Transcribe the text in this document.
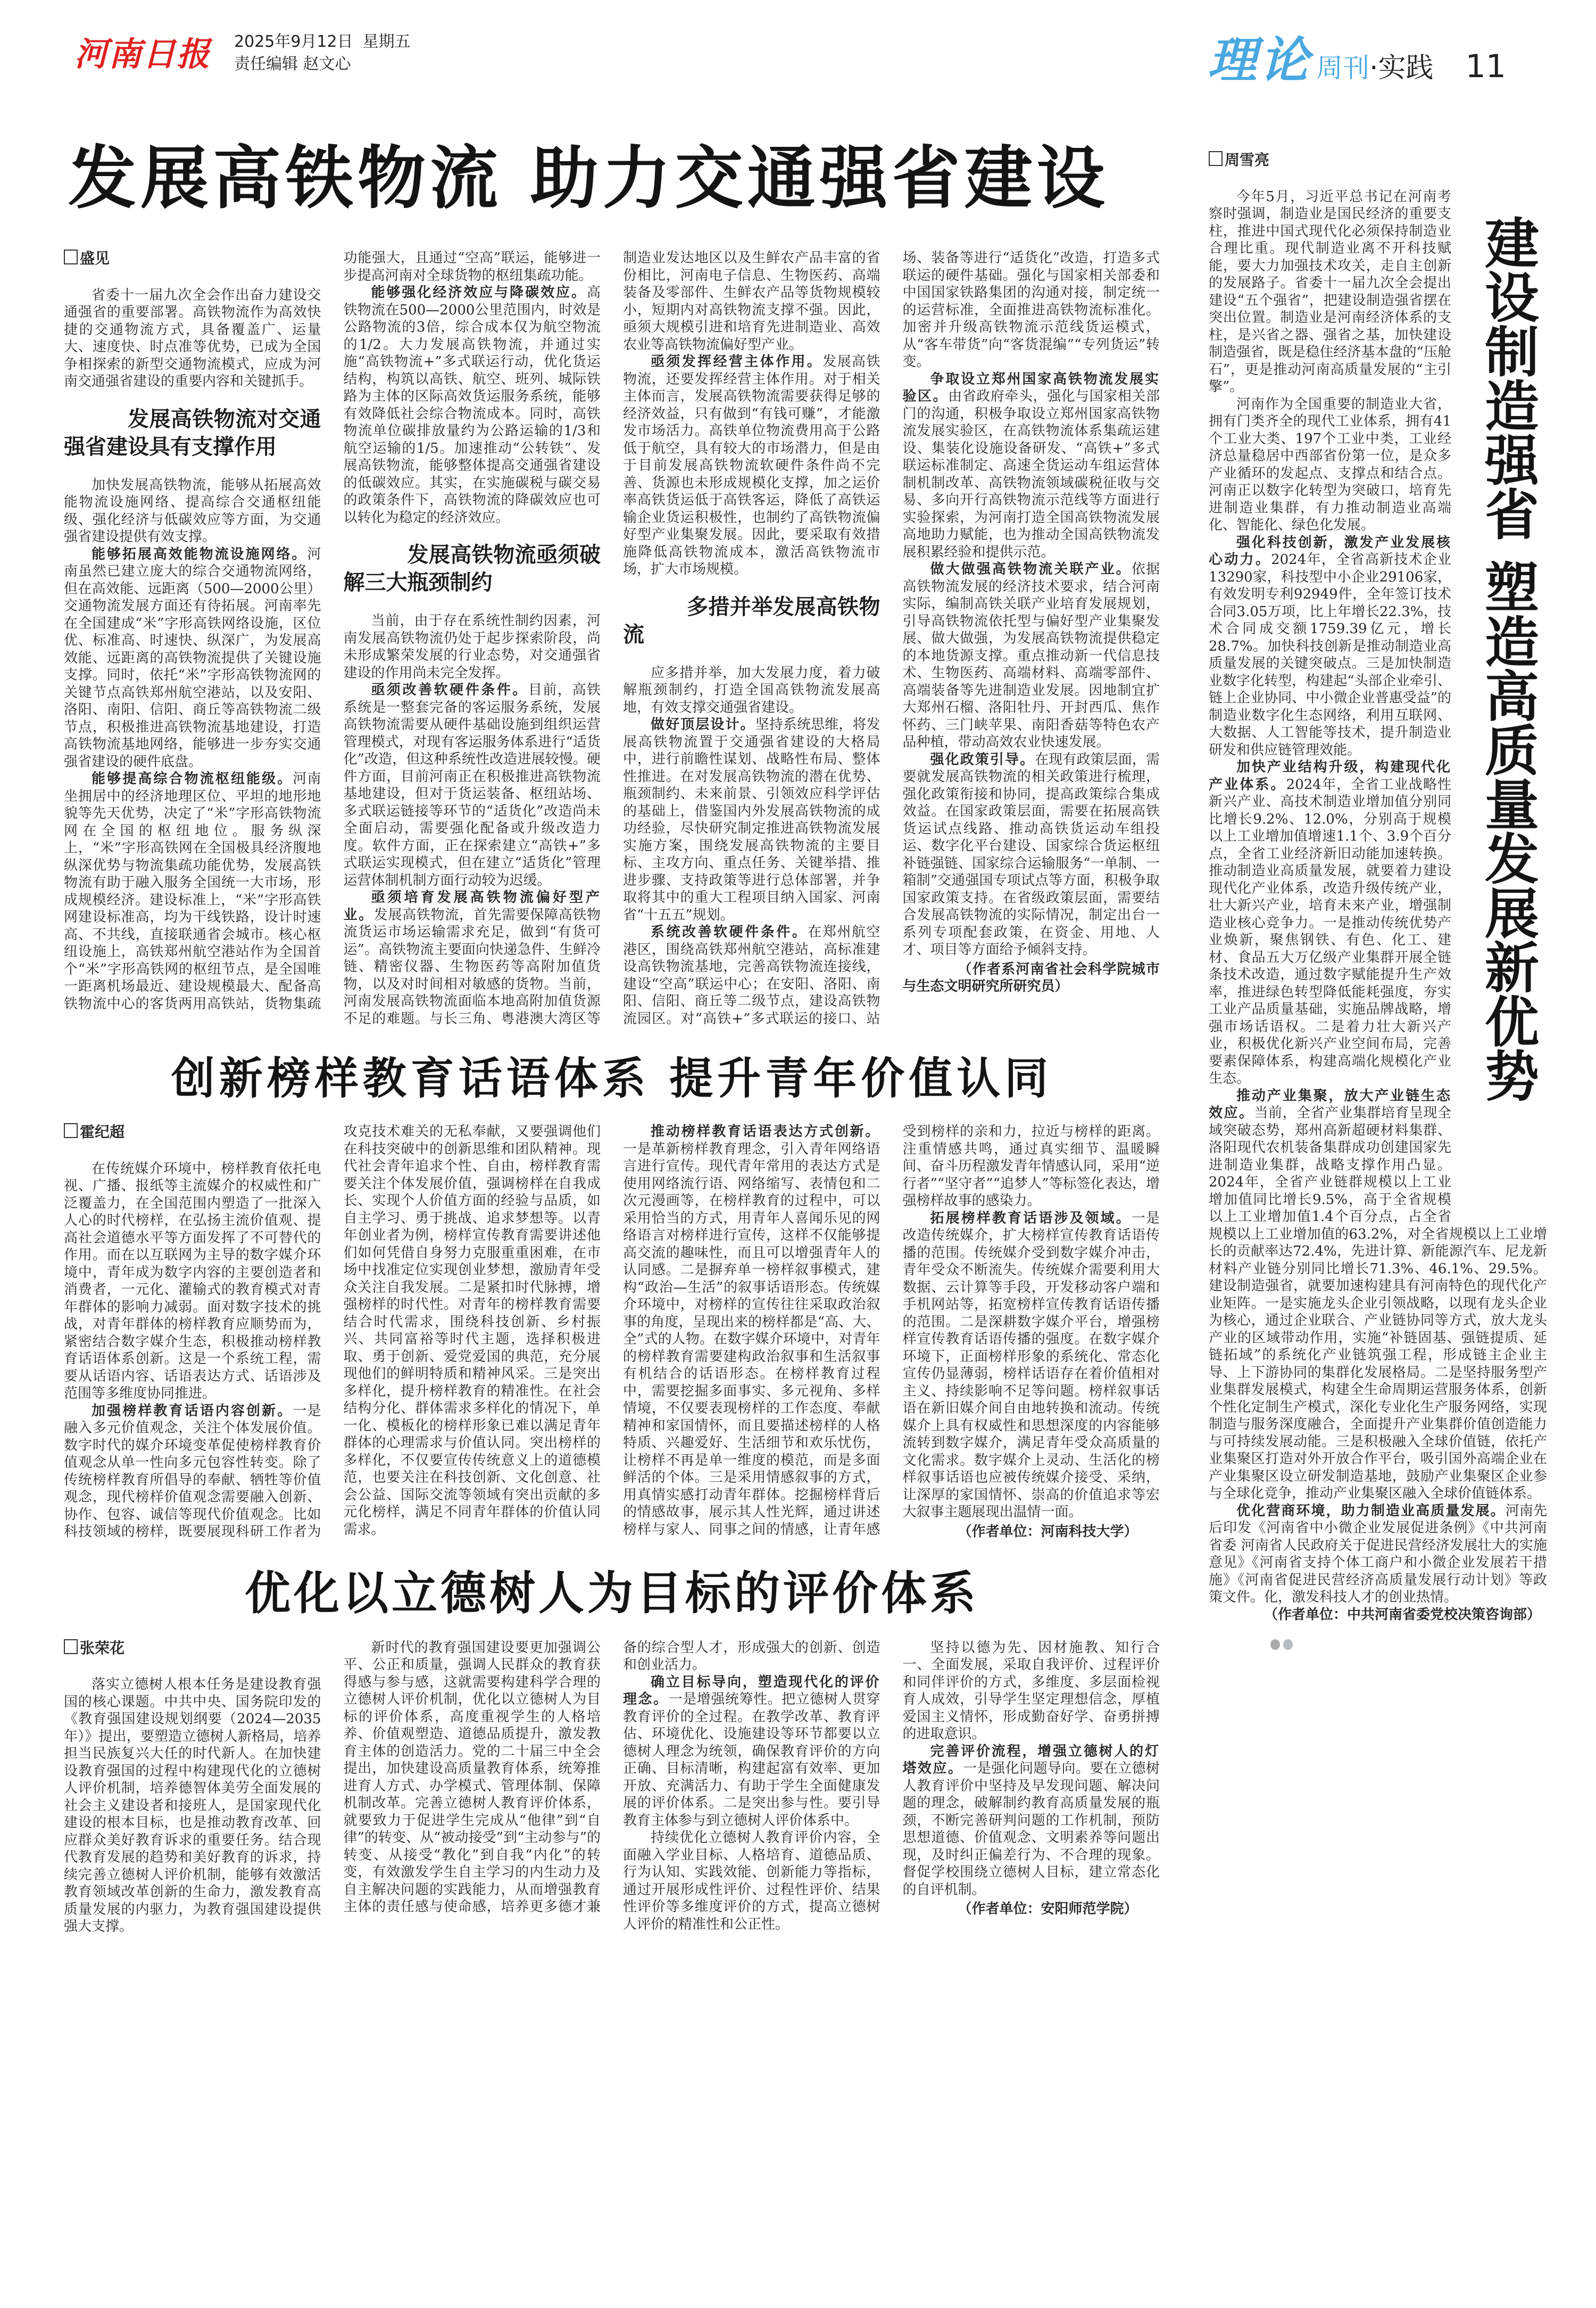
河南日报 2025年9月12日 星期五
责任编辑 赵文心	理论 周刊 ·实践 11
发展高铁物流 助力交通强省建设
盛见

省委十一届九次全会作出奋力建设交通强省的重要部署。高铁物流作为高效快捷的交通物流方式，具备覆盖广、运量大、速度快、时点准等优势，已成为全国争相探索的新型交通物流模式，应成为河南交通强省建设的重要内容和关键抓手。

发展高铁物流对交通强省建设具有支撑作用

加快发展高铁物流，能够从拓展高效能物流设施网络、提高综合交通枢纽能级、强化经济与低碳效应等方面，为交通强省建设提供有效支撑。

能够拓展高效能物流设施网络。河南虽然已建立庞大的综合交通物流网络，但在高效能、远距离（500—2000公里）交通物流发展方面还有待拓展。河南率先在全国建成“米”字形高铁网络设施，区位优、标准高、时速快、纵深广，为发展高效能、远距离的高铁物流提供了关键设施支撑。同时，依托“米”字形高铁物流网的关键节点高铁郑州航空港站，以及安阳、洛阳、南阳、信阳、商丘等高铁物流二级节点，积极推进高铁物流基地建设，打造高铁物流基地网络，能够进一步夯实交通强省建设的硬件底盘。

能够提高综合物流枢纽能级。河南坐拥居中的经济地理区位、平坦的地形地貌等先天优势，决定了“米”字形高铁物流网在全国的枢纽地位。服务纵深上，“米”字形高铁网在全国极具经济腹地纵深优势与物流集疏功能优势，发展高铁物流有助于融入服务全国统一大市场，形成规模经济。建设标准上，“米”字形高铁网建设标准高，均为干线铁路，设计时速高、不共线，直接联通省会城市。核心枢纽设施上，高铁郑州航空港站作为全国首个“米”字形高铁网的枢纽节点，是全国唯一距离机场最近、建设规模最大、配备高铁物流中心的客货两用高铁站，货物集疏功能强大，且通过“空高”联运，能够进一步提高河南对全球货物的枢纽集疏功能。

能够强化经济效应与降碳效应。高铁物流在500—2000公里范围内，时效是公路物流的3倍，综合成本仅为航空物流的1/2。大力发展高铁物流，并通过实施“高铁物流+”多式联运行动，优化货运结构，构筑以高铁、航空、班列、城际铁路为主体的区际高效货运服务系统，能够有效降低社会综合物流成本。同时，高铁物流单位碳排放量约为公路运输的1/3和航空运输的1/5。加速推动“公转铁”、发展高铁物流，能够整体提高交通强省建设的低碳效应。其实，在实施碳税与碳交易的政策条件下，高铁物流的降碳效应也可以转化为稳定的经济效应。

发展高铁物流亟须破解三大瓶颈制约

当前，由于存在系统性制约因素，河南发展高铁物流仍处于起步探索阶段，尚未形成繁荣发展的行业态势，对交通强省建设的作用尚未完全发挥。

亟须改善软硬件条件。目前，高铁系统是一整套完备的客运服务系统，发展高铁物流需要从硬件基础设施到组织运营管理模式，对现有客运服务体系进行“适货化”改造，但这种系统性改造进展较慢。硬件方面，目前河南正在积极推进高铁物流基地建设，但对于货运装备、枢纽站场、多式联运链接等环节的“适货化”改造尚未全面启动，需要强化配备或升级改造力度。软件方面，正在探索建立“高铁+”多式联运实现模式，但在建立“适货化”管理运营体制机制方面行动较为迟缓。

亟须培育发展高铁物流偏好型产业。发展高铁物流，首先需要保障高铁物流货运市场运输需求充足，做到“有货可运”。高铁物流主要面向快递急件、生鲜冷链、精密仪器、生物医药等高附加值货物，以及对时间相对敏感的货物。当前，河南发展高铁物流面临本地高附加值货源不足的难题。与长三角、粤港澳大湾区等制造业发达地区以及生鲜农产品丰富的省份相比，河南电子信息、生物医药、高端装备及零部件、生鲜农产品等货物规模较小，短期内对高铁物流支撑不强。因此，亟须大规模引进和培育先进制造业、高效农业等高铁物流偏好型产业。

亟须发挥经营主体作用。发展高铁物流，还要发挥经营主体作用。对于相关主体而言，发展高铁物流需要获得足够的经济效益，只有做到“有钱可赚”，才能激发市场活力。高铁单位物流费用高于公路低于航空，具有较大的市场潜力，但是由于目前发展高铁物流软硬件条件尚不完善、货源也未形成规模化支撑，加之运价率高铁货运低于高铁客运，降低了高铁运输企业货运积极性，也制约了高铁物流偏好型产业集聚发展。因此，要采取有效措施降低高铁物流成本，激活高铁物流市场，扩大市场规模。

多措并举发展高铁物流

应多措并举，加大发展力度，着力破解瓶颈制约，打造全国高铁物流发展高地，有效支撑交通强省建设。

做好顶层设计。坚持系统思维，将发展高铁物流置于交通强省建设的大格局中，进行前瞻性谋划、战略性布局、整体性推进。在对发展高铁物流的潜在优势、瓶颈制约、未来前景、引领效应科学评估的基础上，借鉴国内外发展高铁物流的成功经验，尽快研究制定推进高铁物流发展实施方案，围绕发展高铁物流的主要目标、主攻方向、重点任务、关键举措、推进步骤、支持政策等进行总体部署，并争取将其中的重大工程项目纳入国家、河南省“十五五”规划。

系统改善软硬件条件。在郑州航空港区，围绕高铁郑州航空港站，高标准建设高铁物流基地，完善高铁物流连接线，建设“空高”联运中心；在安阳、洛阳、南阳、信阳、商丘等二级节点，建设高铁物流园区。对“高铁+”多式联运的接口、站场、装备等进行“适货化”改造，打造多式联运的硬件基础。强化与国家相关部委和中国国家铁路集团的沟通对接，制定统一的运营标准，全面推进高铁物流标准化。加密并升级高铁物流示范线货运模式，从“客车带货”向“客货混编”“专列货运”转变。

争取设立郑州国家高铁物流发展实验区。由省政府牵头，强化与国家相关部门的沟通，积极争取设立郑州国家高铁物流发展实验区，在高铁物流体系集疏运建设、集装化设施设备研发、“高铁+”多式联运标准制定、高速全货运动车组运营体制机制改革、高铁物流领域碳税征收与交易、多向开行高铁物流示范线等方面进行实验探索，为河南打造全国高铁物流发展高地助力赋能，也为推动全国高铁物流发展积累经验和提供示范。

做大做强高铁物流关联产业。依据高铁物流发展的经济技术要求，结合河南实际，编制高铁关联产业培育发展规划，引导高铁物流依托型与偏好型产业集聚发展、做大做强，为发展高铁物流提供稳定的本地货源支撑。重点推动新一代信息技术、生物医药、高端材料、高端零部件、高端装备等先进制造业发展。因地制宜扩大郑州石榴、洛阳牡丹、开封西瓜、焦作怀药、三门峡苹果、南阳香菇等特色农产品种植，带动高效农业快速发展。

强化政策引导。在现有政策层面，需要就发展高铁物流的相关政策进行梳理，强化政策衔接和协同，提高政策综合集成效益。在国家政策层面，需要在拓展高铁货运试点线路、推动高铁货运动车组投运、数字化平台建设、国家综合货运枢纽补链强链、国家综合运输服务“一单制、一箱制”交通强国专项试点等方面，积极争取国家政策支持。在省级政策层面，需要结合发展高铁物流的实际情况，制定出台一系列专项配套政策，在资金、用地、人才、项目等方面给予倾斜支持。

（作者系河南省社会科学院城市与生态文明研究所研究员）

创新榜样教育话语体系 提升青年价值认同
霍纪超

在传统媒介环境中，榜样教育依托电视、广播、报纸等主流媒介的权威性和广泛覆盖力，在全国范围内塑造了一批深入人心的时代榜样，在弘扬主流价值观、提高社会道德水平等方面发挥了不可替代的作用。而在以互联网为主导的数字媒介环境中，青年成为数字内容的主要创造者和消费者，一元化、灌输式的教育模式对青年群体的影响力减弱。面对数字技术的挑战，对青年群体的榜样教育应顺势而为，紧密结合数字媒介生态，积极推动榜样教育话语体系创新。这是一个系统工程，需要从话语内容、话语表达方式、话语涉及范围等多维度协同推进。

加强榜样教育话语内容创新。一是融入多元价值观念，关注个体发展价值。数字时代的媒介环境变革促使榜样教育价值观念从单一性向多元包容性转变。除了传统榜样教育所倡导的奉献、牺牲等价值观念，现代榜样价值观念需要融入创新、协作、包容、诚信等现代价值观念。比如科技领域的榜样，既要展现科研工作者为攻克技术难关的无私奉献，又要强调他们在科技突破中的创新思维和团队精神。现代社会青年追求个性、自由，榜样教育需要关注个体发展价值，强调榜样在自我成长、实现个人价值方面的经验与品质，如自主学习、勇于挑战、追求梦想等。以青年创业者为例，榜样宣传教育需要讲述他们如何凭借自身努力克服重重困难，在市场中找准定位实现创业梦想，激励青年受众关注自我发展。二是紧扣时代脉搏，增强榜样的时代性。对青年的榜样教育需要结合时代需求，围绕科技创新、乡村振兴、共同富裕等时代主题，选择积极进取、勇于创新、爱党爱国的典范，充分展现他们的鲜明特质和精神风采。三是突出多样化，提升榜样教育的精准性。在社会结构分化、群体需求多样化的情况下，单一化、模板化的榜样形象已难以满足青年群体的心理需求与价值认同。突出榜样的多样化，不仅要宣传传统意义上的道德模范，也要关注在科技创新、文化创意、社会公益、国际交流等领域有突出贡献的多元化榜样，满足不同青年群体的价值认同需求。

推动榜样教育话语表达方式创新。一是革新榜样教育理念，引入青年网络语言进行宣传。现代青年常用的表达方式是使用网络流行语、网络缩写、表情包和二次元漫画等，在榜样教育的过程中，可以采用恰当的方式，用青年人喜闻乐见的网络语言对榜样进行宣传，这样不仅能够提高交流的趣味性，而且可以增强青年人的认同感。二是摒弃单一榜样叙事模式，建构“政治—生活”的叙事话语形态。传统媒介环境中，对榜样的宣传往往采取政治叙事的角度，呈现出来的榜样都是“高、大、全”式的人物。在数字媒介环境中，对青年的榜样教育需要建构政治叙事和生活叙事有机结合的话语形态。在榜样教育过程中，需要挖掘多面事实、多元视角、多样情境，不仅要表现榜样的工作态度、奉献精神和家国情怀，而且要描述榜样的人格特质、兴趣爱好、生活细节和欢乐忧伤，让榜样不再是单一维度的模范，而是多面鲜活的个体。三是采用情感叙事的方式，用真情实感打动青年群体。挖掘榜样背后的情感故事，展示其人性光辉，通过讲述榜样与家人、同事之间的情感，让青年感受到榜样的亲和力，拉近与榜样的距离。注重情感共鸣，通过真实细节、温暖瞬间、奋斗历程激发青年情感认同，采用“逆行者”“坚守者”“追梦人”等标签化表达，增强榜样故事的感染力。

拓展榜样教育话语涉及领域。一是改造传统媒介，扩大榜样宣传教育话语传播的范围。传统媒介受到数字媒介冲击，青年受众不断流失。传统媒介需要利用大数据、云计算等手段，开发移动客户端和手机网站等，拓宽榜样宣传教育话语传播的范围。二是深耕数字媒介平台，增强榜样宣传教育话语传播的强度。在数字媒介环境下，正面榜样形象的系统化、常态化宣传仍显薄弱，榜样话语存在着价值相对主义、持续影响不足等问题。榜样叙事话语在新旧媒介间自由地转换和流动。传统媒介上具有权威性和思想深度的内容能够流转到数字媒介，满足青年受众高质量的文化需求。数字媒介上灵动、生活化的榜样叙事话语也应被传统媒介接受、采纳，让深厚的家国情怀、崇高的价值追求等宏大叙事主题展现出温情一面。

（作者单位：河南科技大学）

优化以立德树人为目标的评价体系
张荣花

落实立德树人根本任务是建设教育强国的核心课题。中共中央、国务院印发的《教育强国建设规划纲要（2024—2035年）》提出，要塑造立德树人新格局，培养担当民族复兴大任的时代新人。在加快建设教育强国的过程中构建现代化的立德树人评价机制，培养德智体美劳全面发展的社会主义建设者和接班人，是国家现代化建设的根本目标，也是推动教育改革、回应群众美好教育诉求的重要任务。结合现代教育发展的趋势和美好教育的诉求，持续完善立德树人评价机制，能够有效激活教育领域改革创新的生命力，激发教育高质量发展的内驱力，为教育强国建设提供强大支撑。

新时代的教育强国建设要更加强调公平、公正和质量，强调人民群众的教育获得感与参与感，这就需要构建科学合理的立德树人评价机制，优化以立德树人为目标的评价体系，高度重视学生的人格培养、价值观塑造、道德品质提升，激发教育主体的创造活力。党的二十届三中全会提出，加快建设高质量教育体系，统筹推进育人方式、办学模式、管理体制、保障机制改革。完善立德树人教育评价体系，就要致力于促进学生完成从“他律”到“自律”的转变、从“被动接受”到“主动参与”的转变、从接受“教化”到自我“内化”的转变，有效激发学生自主学习的内生动力及自主解决问题的实践能力，从而增强教育主体的责任感与使命感，培养更多德才兼备的综合型人才，形成强大的创新、创造和创业活力。

确立目标导向，塑造现代化的评价理念。一是增强统筹性。把立德树人贯穿教育评价的全过程。在教学改革、教育评估、环境优化、设施建设等环节都要以立德树人理念为统领，确保教育评价的方向正确、目标清晰，构建起富有效率、更加开放、充满活力、有助于学生全面健康发展的评价体系。二是突出参与性。要引导教育主体参与到立德树人评价体系中。

持续优化立德树人教育评价内容，全面融入学业目标、人格培育、道德品质、行为认知、实践效能、创新能力等指标，通过开展形成性评价、过程性评价、结果性评价等多维度评价的方式，提高立德树人评价的精准性和公正性。

坚持以德为先、因材施教、知行合一、全面发展，采取自我评价、过程评价和同伴评价的方式，多维度、多层面检视育人成效，引导学生坚定理想信念，厚植爱国主义情怀，形成勤奋好学、奋勇拼搏的进取意识。

完善评价流程，增强立德树人的灯塔效应。一是强化问题导向。要在立德树人教育评价中坚持及早发现问题、解决问题的理念，破解制约教育高质量发展的瓶颈，不断完善研判问题的工作机制，预防思想道德、价值观念、文明素养等问题出现，及时纠正偏差行为、不合理的现象。督促学校围绕立德树人目标，建立常态化的自评机制。

（作者单位：安阳师范学院）

周雪亮
建设制造强省 塑造高质量发展新优势

今年5月，习近平总书记在河南考察时强调，制造业是国民经济的重要支柱，推进中国式现代化必须保持制造业合理比重。现代制造业离不开科技赋能，要大力加强技术攻关，走自主创新的发展路子。省委十一届九次全会提出建设“五个强省”，把建设制造强省摆在突出位置。制造业是河南经济体系的支柱，是兴省之器、强省之基，加快建设制造强省，既是稳住经济基本盘的“压舱石”，更是推动河南高质量发展的“主引擎”。

河南作为全国重要的制造业大省，拥有门类齐全的现代工业体系，拥有41个工业大类、197个工业中类，工业经济总量稳居中西部省份第一位，是众多产业循环的发起点、支撑点和结合点。河南正以数字化转型为突破口，培育先进制造业集群，有力推动制造业高端化、智能化、绿色化发展。

强化科技创新，激发产业发展核心动力。2024年，全省高新技术企业13290家，科技型中小企业29106家，有效发明专利92949件，全年签订技术合同3.05万项，比上年增长22.3%，技术合同成交额1759.39亿元，增长28.7%。加快科技创新是推动制造业高质量发展的关键突破点。三是加快制造业数字化转型，构建起“头部企业牵引、链上企业协同、中小微企业普惠受益”的制造业数字化生态网络，利用互联网、大数据、人工智能等技术，提升制造业研发和供应链管理效能。

加快产业结构升级，构建现代化产业体系。2024年，全省工业战略性新兴产业、高技术制造业增加值分别同比增长9.2%、12.0%，分别高于规模以上工业增加值增速1.1个、3.9个百分点，全省工业经济新旧动能加速转换。推动制造业高质量发展，就要着力建设现代化产业体系，改造升级传统产业，壮大新兴产业，培育未来产业，增强制造业核心竞争力。一是推动传统优势产业焕新，聚焦钢铁、有色、化工、建材、食品五大万亿级产业集群开展全链条技术改造，通过数字赋能提升生产效率，推进绿色转型降低能耗强度，夯实工业产品质量基础，实施品牌战略，增强市场话语权。二是着力壮大新兴产业，积极优化新兴产业空间布局，完善要素保障体系，构建高端化规模化产业生态。

推动产业集聚，放大产业链生态效应。当前，全省产业集群培育呈现全域突破态势，郑州高新超硬材料集群、洛阳现代农机装备集群成功创建国家先进制造业集群，战略支撑作用凸显。2024年，全省产业链群规模以上工业增加值同比增长9.5%，高于全省规模以上工业增加值1.4个百分点，占全省规模以上工业增加值的63.2%，对全省规模以上工业增长的贡献率达72.4%，先进计算、新能源汽车、尼龙新材料产业链分别同比增长71.3%、46.1%、29.5%。建设制造强省，就要加速构建具有河南特色的现代化产业矩阵。一是实施龙头企业引领战略，以现有龙头企业为核心，通过企业联合、产业链协同等方式，放大龙头产业的区域带动作用，实施“补链固基、强链提质、延链拓域”的系统化产业链筑强工程，形成链主企业主导、上下游协同的集群化发展格局。二是坚持服务型产业集群发展模式，构建全生命周期运营服务体系，创新个性化定制生产模式，深化专业化生产服务网络，实现制造与服务深度融合，全面提升产业集群价值创造能力与可持续发展动能。三是积极融入全球价值链，依托产业集聚区打造对外开放合作平台，吸引国外高端企业在产业集聚区设立研发制造基地，鼓励产业集聚区企业参与全球化竞争，推动产业集聚区融入全球价值链体系。

优化营商环境，助力制造业高质量发展。河南先后印发《河南省中小微企业发展促进条例》《中共河南省委 河南省人民政府关于促进民营经济发展壮大的实施意见》《河南省支持个体工商户和小微企业发展若干措施》《河南省促进民营经济高质量发展行动计划》等政策文件。化，激发科技人才的创业热情。

（作者单位：中共河南省委党校决策咨询部）
